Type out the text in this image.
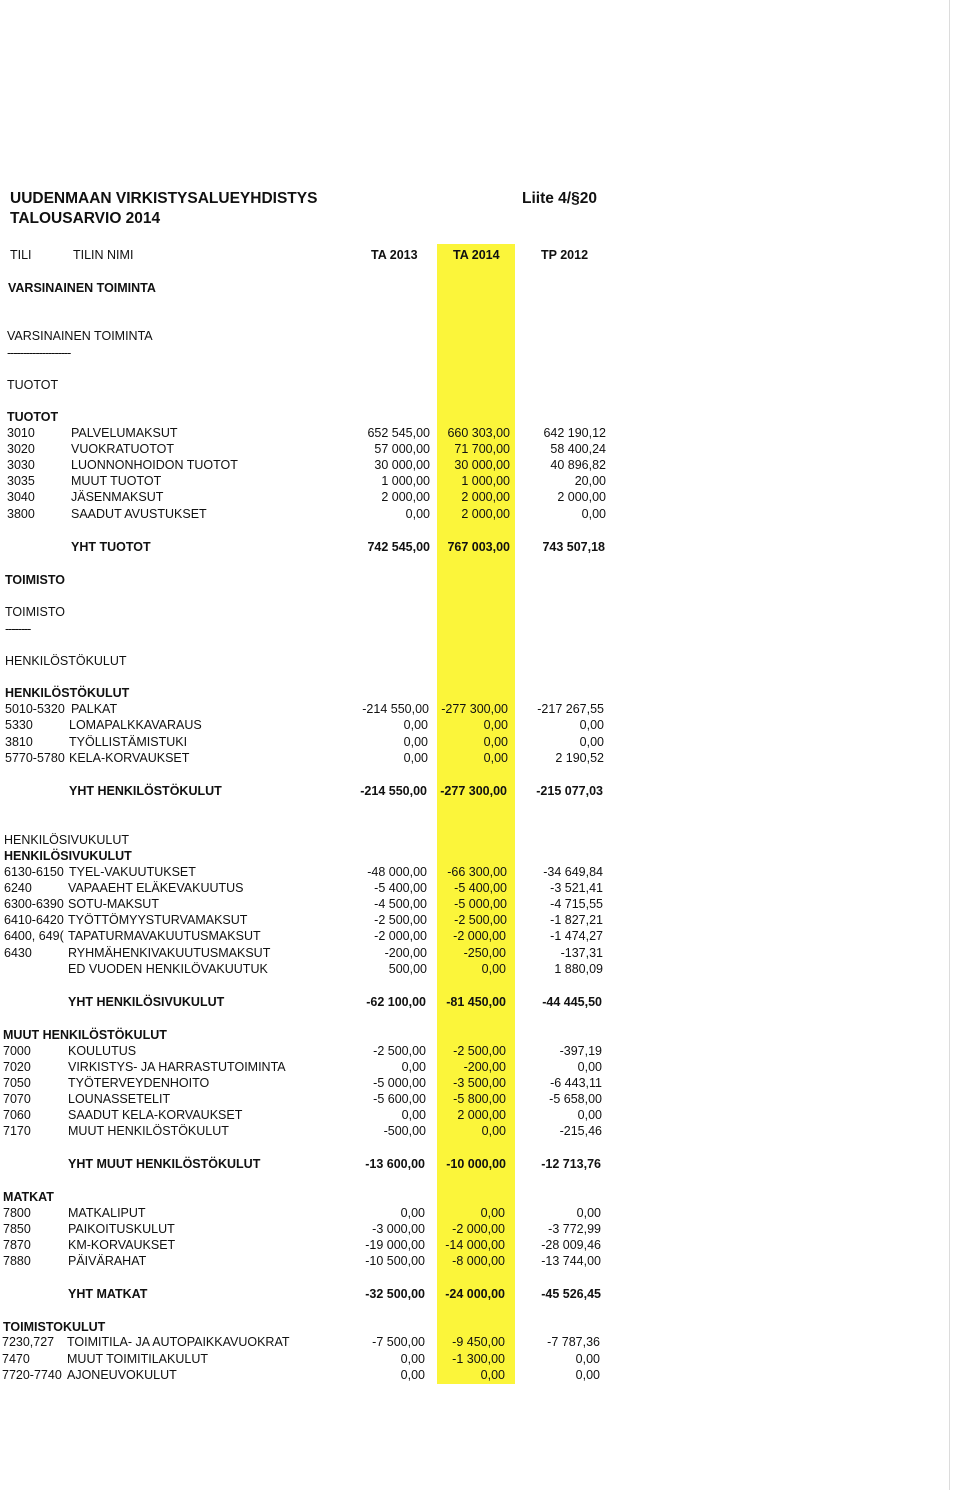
UUDENMAAN VIRKISTYSALUEYHDISTYS
TALOUSARVIO 2014
Liite 4/§20
TILI	TILIN NIMI	TA 2013	TA 2014	TP 2012
VARSINAINEN TOIMINTA
VARSINAINEN TOIMINTA
--------------------
TUOTOT
TUOTOT
TOIMISTO
TOIMISTO
--------
HENKILÖSTÖKULUT
HENKILÖSTÖKULUT
HENKILÖSIVUKULUT
HENKILÖSIVUKULUT
MUUT HENKILÖSTÖKULUT
MATKAT
TOIMISTOKULUT
3010	PALVELUMAKSUT	652 545,00	660 303,00	642 190,12
3020	VUOKRATUOTOT	57 000,00	71 700,00	58 400,24
3030	LUONNONHOIDON TUOTOT	30 000,00	30 000,00	40 896,82
3035	MUUT TUOTOT	1 000,00	1 000,00	20,00
3040	JÄSENMAKSUT	2 000,00	2 000,00	2 000,00
3800	SAADUT AVUSTUKSET	0,00	2 000,00	0,00
YHT TUOTOT	742 545,00	767 003,00	743 507,18
5010-5320 PALKAT	-214 550,00 -277 300,00	-217 267,55
5330	LOMAPALKKAVARAUS	0,00	0,00	0,00
3810	TYÖLLISTÄMISTUKI	0,00	0,00	0,00
5770-5780 KELA-KORVAUKSET	0,00	0,00	2 190,52
YHT HENKILÖSTÖKULUT	-214 550,00	-277 300,00	-215 077,03
6130-6150 TYEL-VAKUUTUKSET	-48 000,00	-66 300,00	-34 649,84
6240	VAPAAEHT ELÄKEVAKUUTUS	-5 400,00	-5 400,00	-3 521,41
6300-6390 SOTU-MAKSUT	-4 500,00	-5 000,00	-4 715,55
6410-6420 TYÖTTÖMYYSTURVAMAKSUT	-2 500,00	-2 500,00	-1 827,21
6400, 649( TAPATURMAVAKUUTUSMAKSUT	-2 000,00	-2 000,00	-1 474,27
6430	RYHMÄHENKIVAKUUTUSMAKSUT	-200,00	-250,00	-137,31
ED VUODEN HENKILÖVAKUUTUK	500,00	0,00	1 880,09
YHT HENKILÖSIVUKULUT	-62 100,00	-81 450,00	-44 445,50
7000	KOULUTUS	-2 500,00	-2 500,00	-397,19
7020	VIRKISTYS- JA HARRASTUTOIMINTA	0,00	-200,00	0,00
7050	TYÖTERVEYDENHOITO	-5 000,00	-3 500,00	-6 443,11
7070	LOUNASSETELIT	-5 600,00	-5 800,00	-5 658,00
7060	SAADUT KELA-KORVAUKSET	0,00	2 000,00	0,00
7170	MUUT HENKILÖSTÖKULUT	-500,00	0,00	-215,46
YHT MUUT HENKILÖSTÖKULUT	-13 600,00	-10 000,00	-12 713,76
7800	MATKALIPUT	0,00	0,00	0,00
7850	PAIKOITUSKULUT	-3 000,00	-2 000,00	-3 772,99
7870	KM-KORVAUKSET	-19 000,00	-14 000,00	-28 009,46
7880	PÄIVÄRAHAT	-10 500,00	-8 000,00	-13 744,00
YHT MATKAT	-32 500,00	-24 000,00	-45 526,45
7230,727 TOIMITILA- JA AUTOPAIKKAVUOKRAT	-7 500,00	-9 450,00	-7 787,36
7470	MUUT TOIMITILAKULUT	0,00	-1 300,00	0,00
7720-7740 AJONEUVOKULUT	0,00	0,00	0,00
